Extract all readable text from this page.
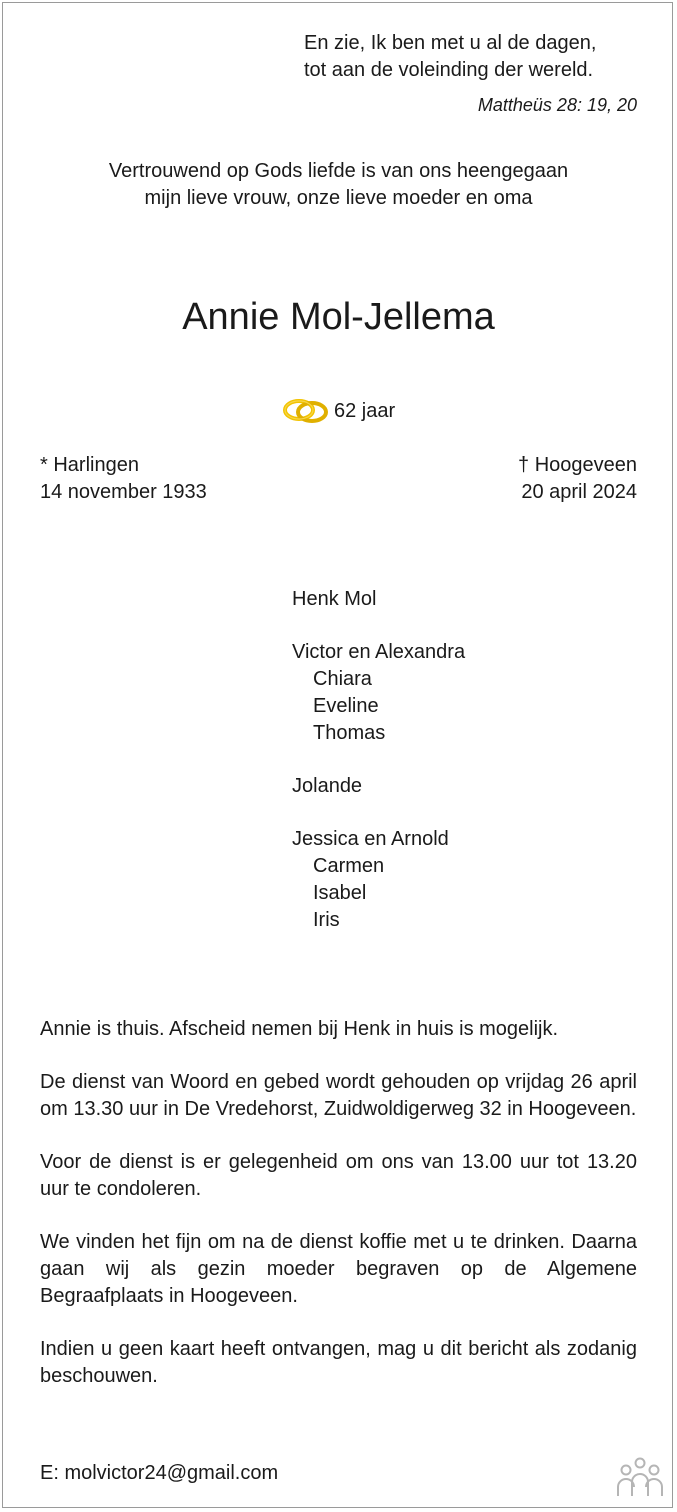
En zie, Ik ben met u al de dagen,
tot aan de voleinding der wereld.
Mattheüs 28: 19, 20
Vertrouwend op Gods liefde is van ons heengegaan
mijn lieve vrouw, onze lieve moeder en oma
Annie Mol-Jellema
62 jaar
* Harlingen
14 november 1933
† Hoogeveen
20 april 2024
Henk Mol
Victor en Alexandra
Chiara
Eveline
Thomas
Jolande
Jessica en Arnold
Carmen
Isabel
Iris

Annie is thuis. Afscheid nemen bij Henk in huis is mogelijk.

De dienst van Woord en gebed wordt gehouden op vrijdag 26 april om 13.30 uur in De Vredehorst, Zuidwoldigerweg 32 in Hoogeveen.

Voor de dienst is er gelegenheid om ons van 13.00 uur tot 13.20 uur te condoleren.

We vinden het fijn om na de dienst koffie met u te drinken. Daarna gaan wij als gezin moeder begraven op de Algemene Begraafplaats in Hoogeveen.

Indien u geen kaart heeft ontvangen, mag u dit bericht als zodanig beschouwen.

E: molvictor24@gmail.com
